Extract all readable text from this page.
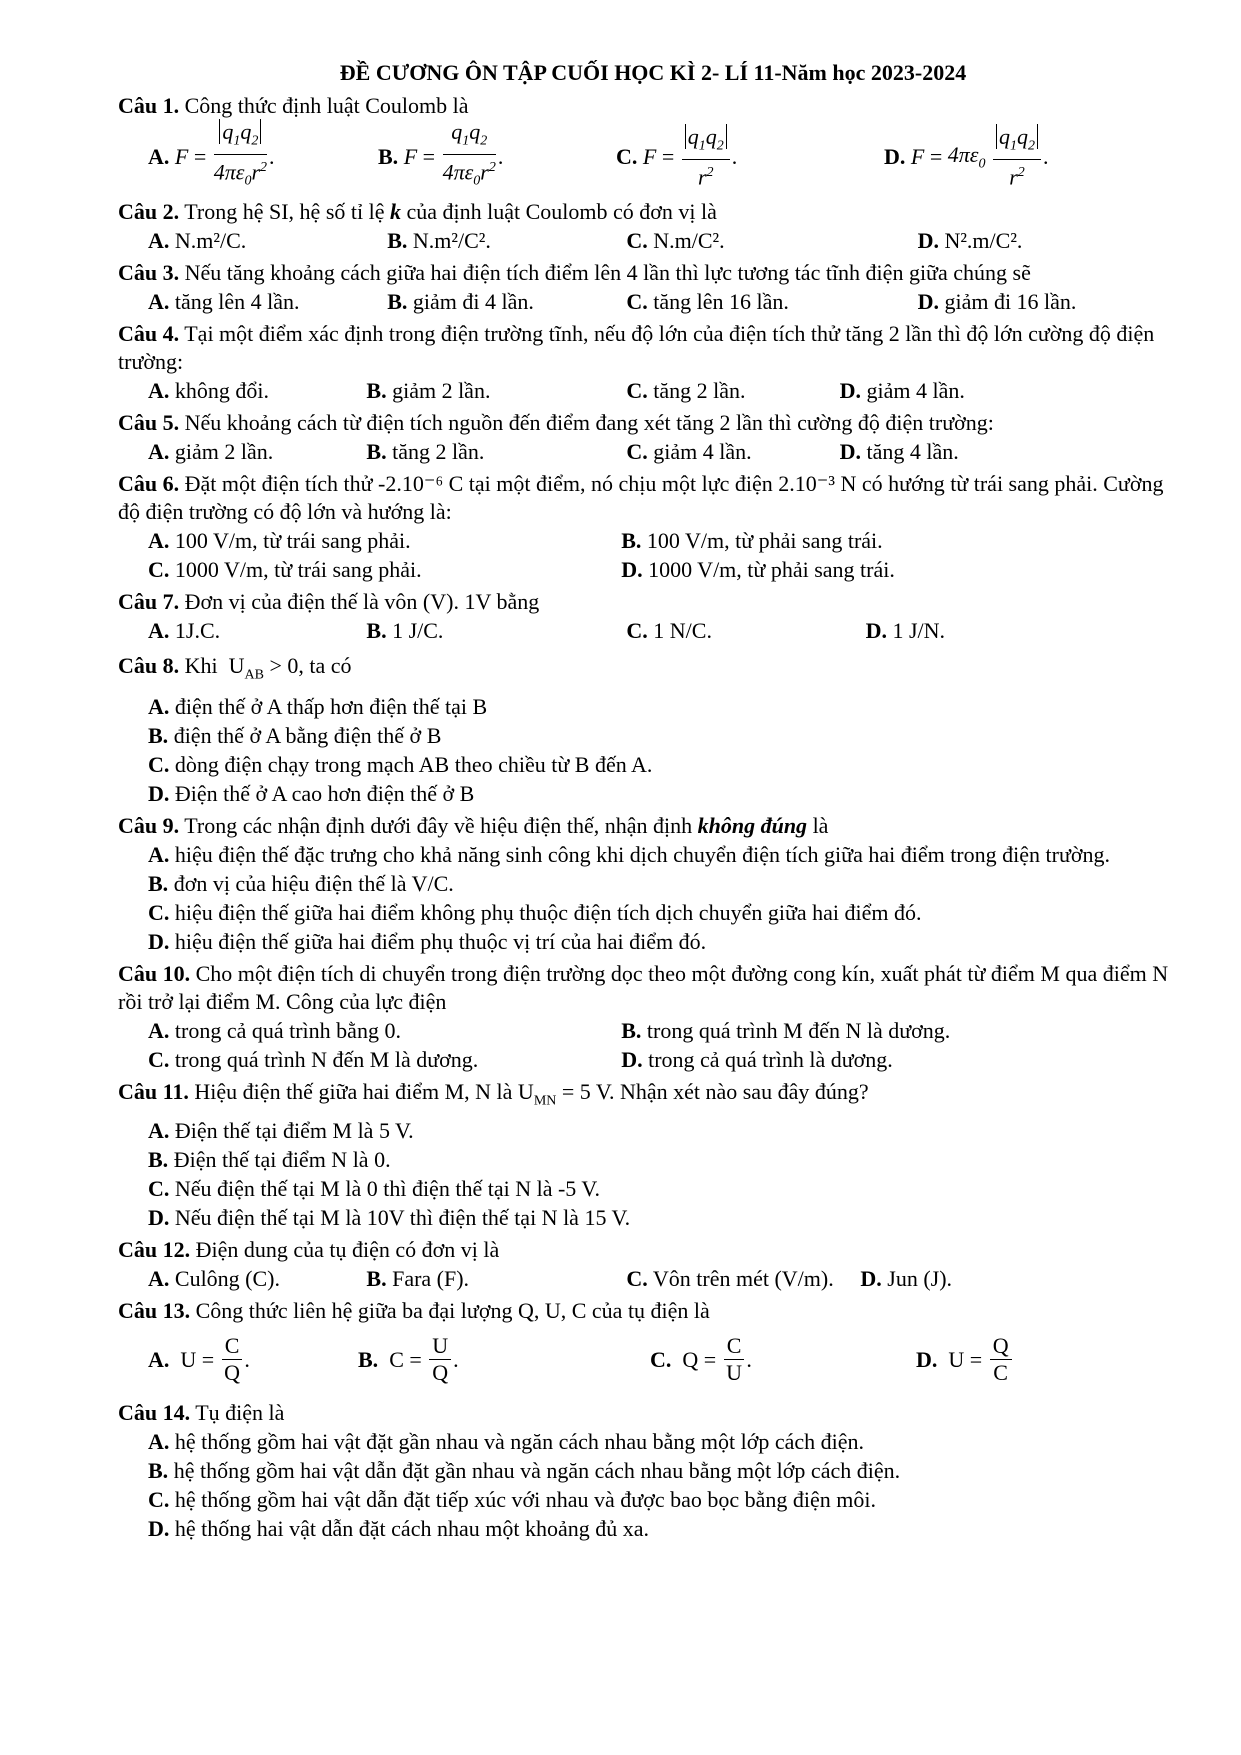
ĐỀ CƯƠNG ÔN TẬP CUỐI HỌC KÌ 2- LÍ 11-Năm học 2023-2024
Câu 1. Công thức định luật Coulomb là
A.
$F = \frac{q_1q_2}{4\pi\varepsilon_0r^2}$ .	B.
$F = \frac{q_1q_2}{4\pi\varepsilon_0r^2}$ .	C.
$F = \frac{q_1q_2}{r^2}$ .	D.
$F = 4\pi\varepsilon_0$
$\frac{q_1q_2}{r^2}$ .
Câu 2. Trong hệ SI, hệ số tỉ lệ k của định luật Coulomb có đơn vị là
A. N.m²/C.	B. N.m²/C².	C. N.m/C².	D. N².m/C².
Câu 3. Nếu tăng khoảng cách giữa hai điện tích điểm lên 4 lần thì lực tương tác tĩnh điện giữa chúng sẽ
A. tăng lên 4 lần.	B. giảm đi 4 lần.	C. tăng lên 16 lần.	D. giảm đi 16 lần.
Câu 4. Tại một điểm xác định trong điện trường tĩnh, nếu độ lớn của điện tích thử tăng 2 lần thì độ lớn cường độ điện trường:
A. không đổi.	B. giảm 2 lần.	C. tăng 2 lần.	D. giảm 4 lần.
Câu 5. Nếu khoảng cách từ điện tích nguồn đến điểm đang xét tăng 2 lần thì cường độ điện trường:
A. giảm 2 lần.	B. tăng 2 lần.	C. giảm 4 lần.	D. tăng 4 lần.
Câu 6. Đặt một điện tích thử -2.10⁻⁶ C tại một điểm, nó chịu một lực điện 2.10⁻³ N có hướng từ trái sang phải. Cường độ điện trường có độ lớn và hướng là:
A. 100 V/m, từ trái sang phải.	B. 100 V/m, từ phải sang trái.
C. 1000 V/m, từ trái sang phải.	D. 1000 V/m, từ phải sang trái.
Câu 7. Đơn vị của điện thế là vôn (V). 1V bằng
A. 1J.C.	B. 1 J/C.	C. 1 N/C.	D. 1 J/N.
Câu 8. Khi $U_{AB} > 0$, ta có
A. điện thế ở A thấp hơn điện thế tại B
B. điện thế ở A bằng điện thế ở B
C. dòng điện chạy trong mạch AB theo chiều từ B đến A.
D. Điện thế ở A cao hơn điện thế ở B
Câu 9. Trong các nhận định dưới đây về hiệu điện thế, nhận định không đúng là
A. hiệu điện thế đặc trưng cho khả năng sinh công khi dịch chuyển điện tích giữa hai điểm trong điện trường.
B. đơn vị của hiệu điện thế là V/C.
C. hiệu điện thế giữa hai điểm không phụ thuộc điện tích dịch chuyển giữa hai điểm đó.
D. hiệu điện thế giữa hai điểm phụ thuộc vị trí của hai điểm đó.
Câu 10. Cho một điện tích di chuyển trong điện trường dọc theo một đường cong kín, xuất phát từ điểm M qua điểm N rồi trở lại điểm M. Công của lực điện
A. trong cả quá trình bằng 0.	B. trong quá trình M đến N là dương.
C. trong quá trình N đến M là dương.	D. trong cả quá trình là dương.
Câu 11. Hiệu điện thế giữa hai điểm M, N là $U_{MN} = 5$ V. Nhận xét nào sau đây đúng?
A. Điện thế tại điểm M là 5 V.
B. Điện thế tại điểm N là 0.
C. Nếu điện thế tại M là 0 thì điện thế tại N là -5 V.
D. Nếu điện thế tại M là 10V thì điện thế tại N là 15 V.
Câu 12. Điện dung của tụ điện có đơn vị là
A. Culông (C).	B. Fara (F).	C. Vôn trên mét (V/m).	D. Jun (J).
Câu 13. Công thức liên hệ giữa ba đại lượng Q, U, C của tụ điện là
A. $U = \frac{C}{Q}$ .	B. $C = \frac{U}{Q}$ .	C. $Q = \frac{C}{U}$ .	D. $U = \frac{Q}{C}$
Câu 14. Tụ điện là
A. hệ thống gồm hai vật đặt gần nhau và ngăn cách nhau bằng một lớp cách điện.
B. hệ thống gồm hai vật dẫn đặt gần nhau và ngăn cách nhau bằng một lớp cách điện.
C. hệ thống gồm hai vật dẫn đặt tiếp xúc với nhau và được bao bọc bằng điện môi.
D. hệ thống hai vật dẫn đặt cách nhau một khoảng đủ xa.
